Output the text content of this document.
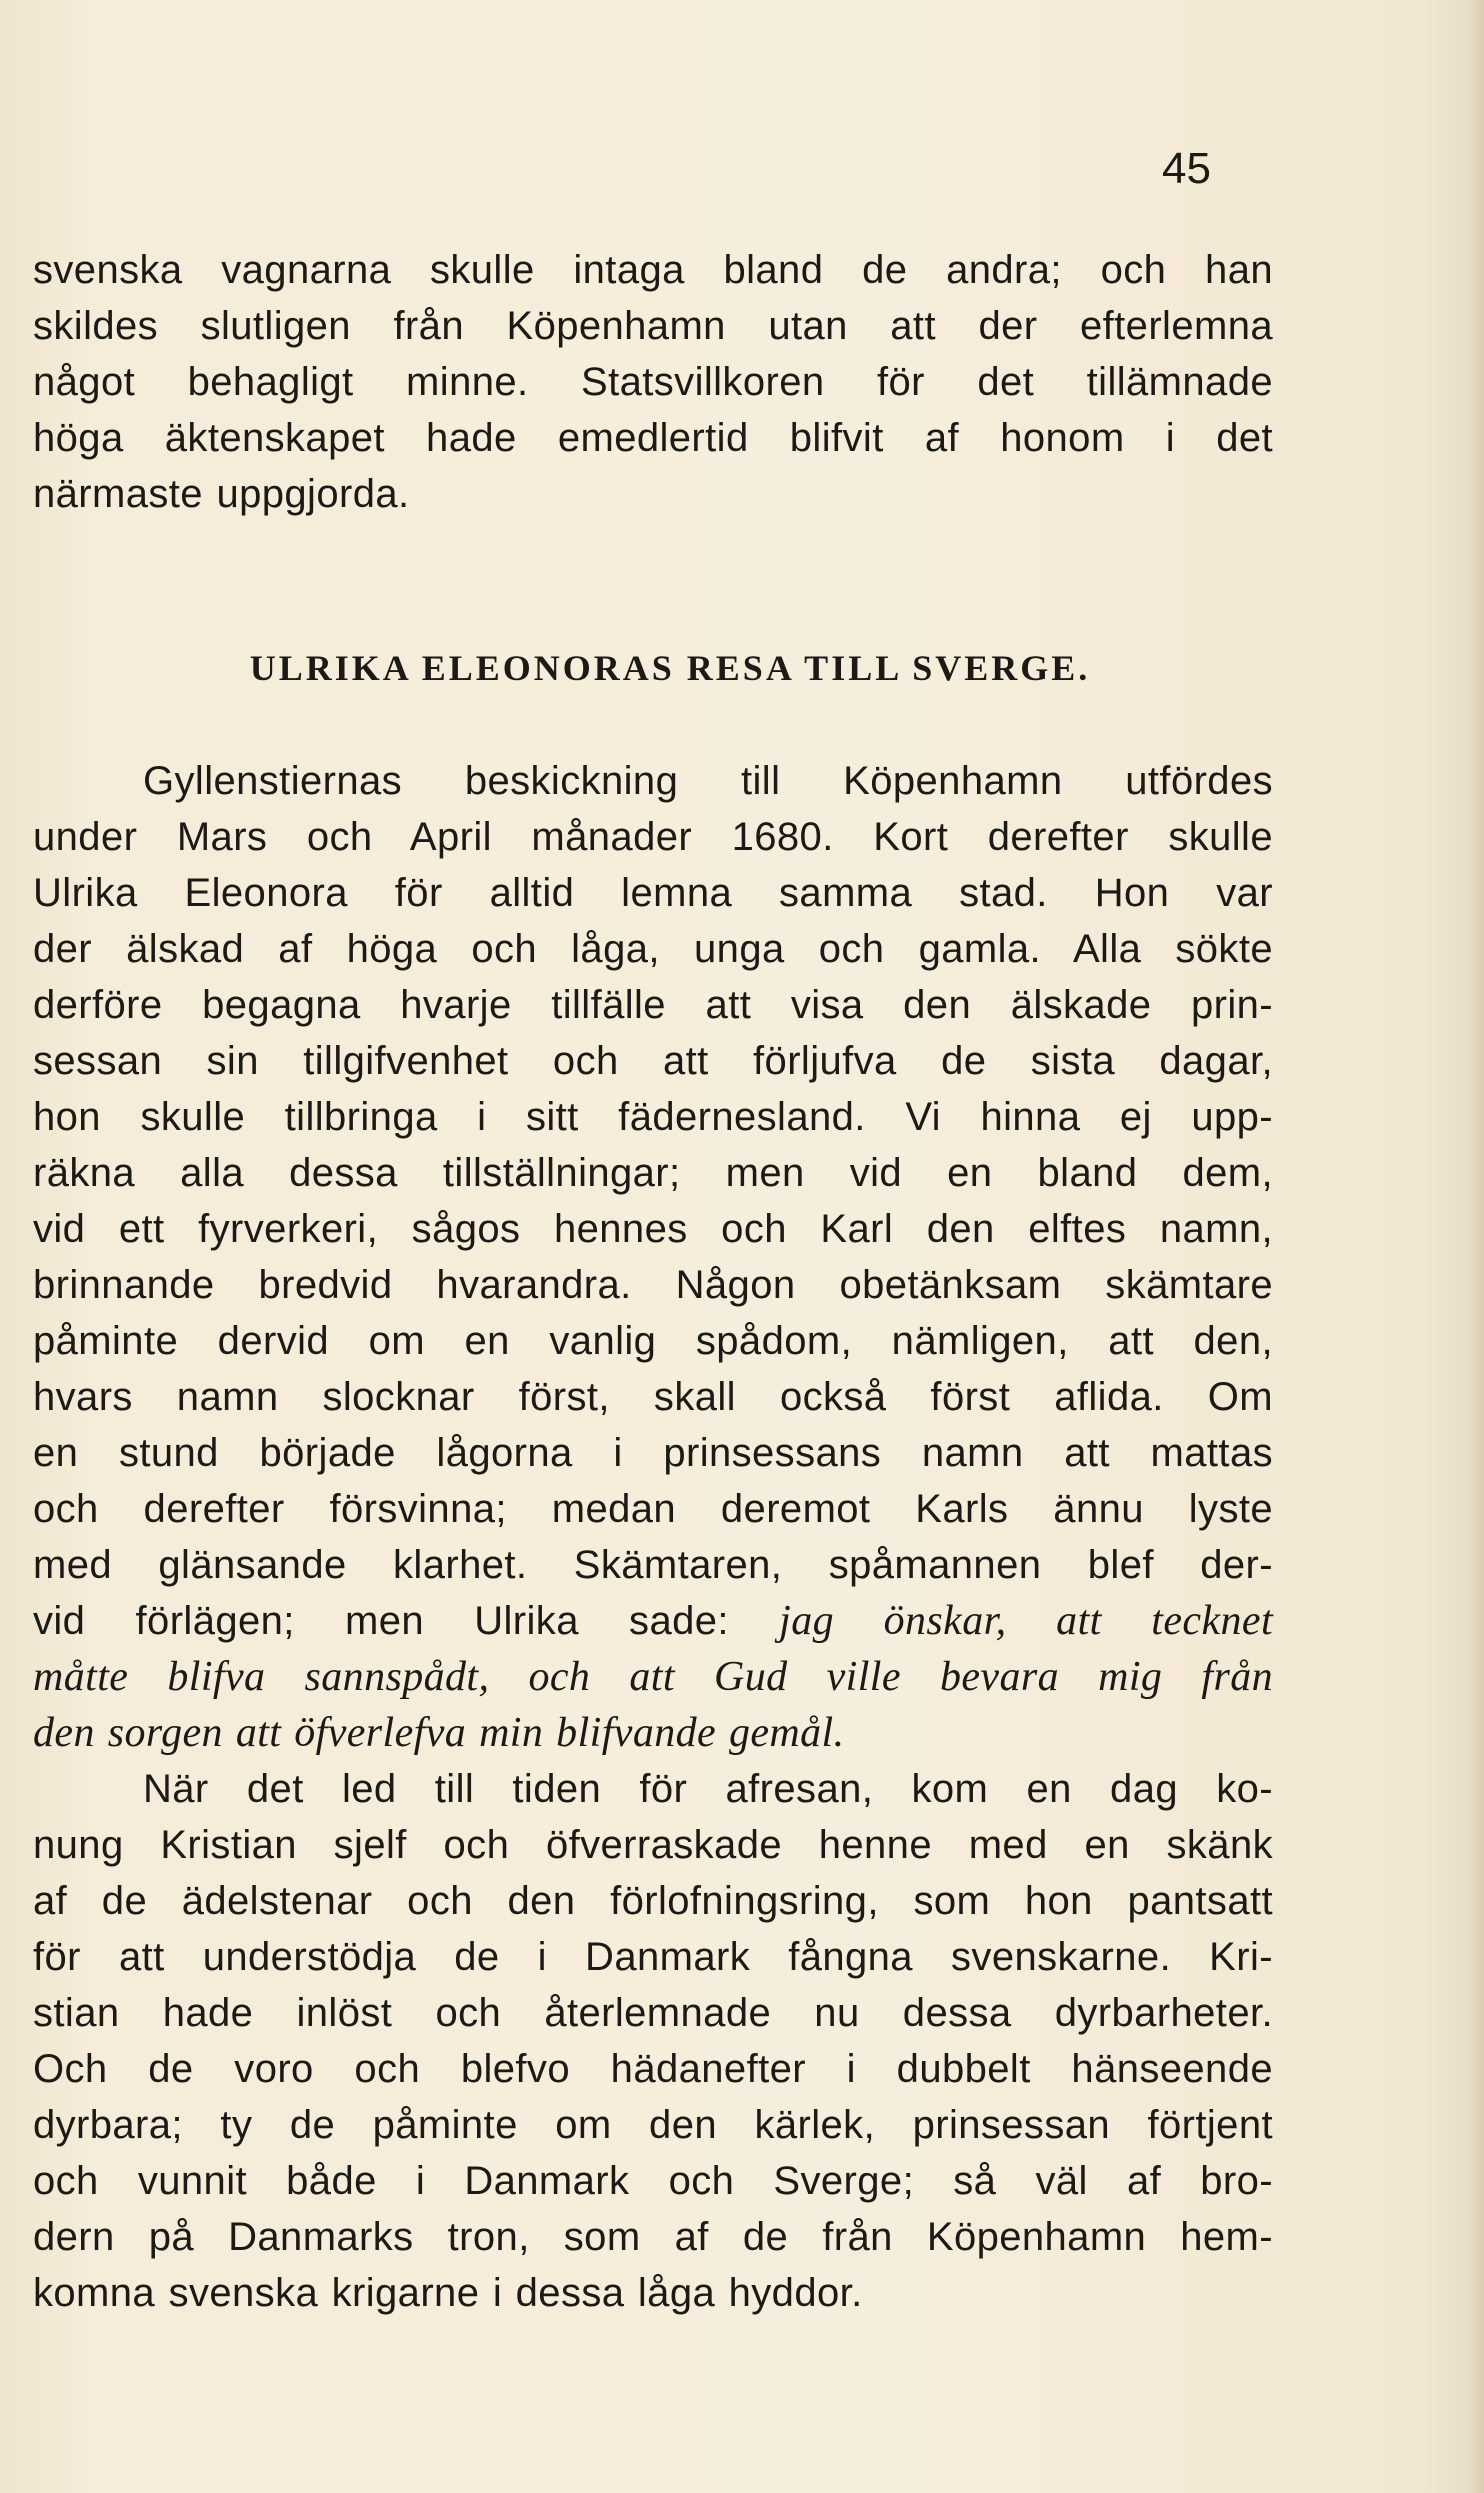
45
svenska vagnarna skulle intaga bland de andra; och han
skildes slutligen från Köpenhamn utan att der efterlemna
något behagligt minne. Statsvillkoren för det tillämnade
höga äktenskapet hade emedlertid blifvit af honom i det
närmaste uppgjorda.
ULRIKA ELEONORAS RESA TILL SVERGE.
Gyllenstiernas beskickning till Köpenhamn utfördes
under Mars och April månader 1680. Kort derefter skulle
Ulrika Eleonora för alltid lemna samma stad. Hon var
der älskad af höga och låga, unga och gamla. Alla sökte
derföre begagna hvarje tillfälle att visa den älskade prin-
sessan sin tillgifvenhet och att förljufva de sista dagar,
hon skulle tillbringa i sitt fädernesland. Vi hinna ej upp-
räkna alla dessa tillställningar; men vid en bland dem,
vid ett fyrverkeri, sågos hennes och Karl den elftes namn,
brinnande bredvid hvarandra. Någon obetänksam skämtare
påminte dervid om en vanlig spådom, nämligen, att den,
hvars namn slocknar först, skall också först aflida. Om
en stund började lågorna i prinsessans namn att mattas
och derefter försvinna; medan deremot Karls ännu lyste
med glänsande klarhet. Skämtaren, spåmannen blef der-
vid förlägen; men Ulrika sade: jag önskar, att tecknet
måtte blifva sannspådt, och att Gud ville bevara mig från
den sorgen att öfverlefva min blifvande gemål.
När det led till tiden för afresan, kom en dag ko-
nung Kristian sjelf och öfverraskade henne med en skänk
af de ädelstenar och den förlofningsring, som hon pantsatt
för att understödja de i Danmark fångna svenskarne. Kri-
stian hade inlöst och återlemnade nu dessa dyrbarheter.
Och de voro och blefvo hädanefter i dubbelt hänseende
dyrbara; ty de påminte om den kärlek, prinsessan förtjent
och vunnit både i Danmark och Sverge; så väl af bro-
dern på Danmarks tron, som af de från Köpenhamn hem-
komna svenska krigarne i dessa låga hyddor.
